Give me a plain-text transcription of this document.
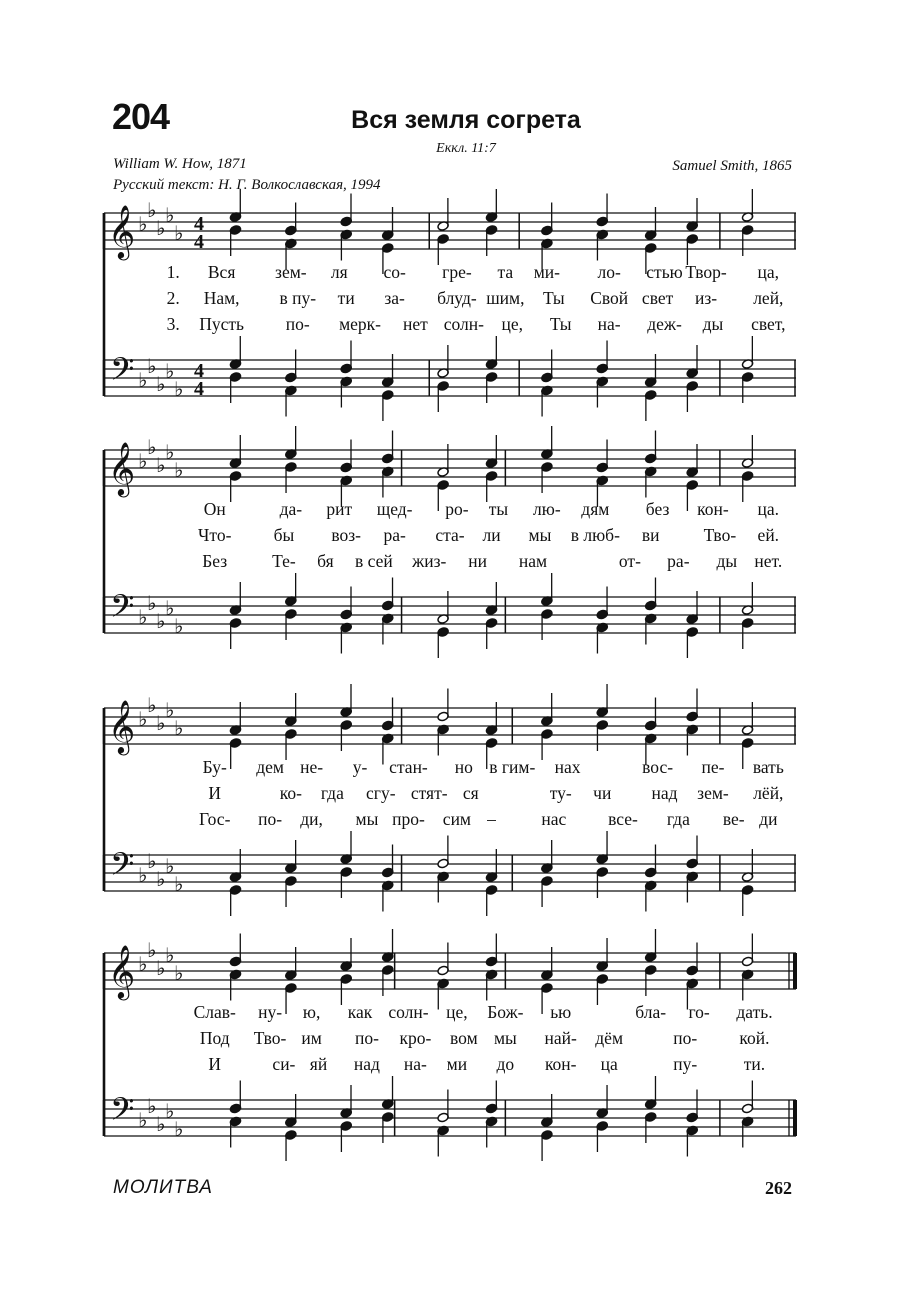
204	Вся земля согрета
Еккл. 11:7
William W. How, 1871
Русский текст: Н. Г. Волкославская, 1994
Samuel Smith, 1865
𝄞 ♭
♭
♭
♭
♭ 4
4
𝄢 ♭
♭
♭
♭
♭
4
4
1. Вся зем- ля со- гре- та ми- ло- стью Твор- ца,
2. Нам, в пу- ти за- блуд- шим, Ты Свой свет из- лей,
3. Пусть по- мерк- нет солн- це, Ты на- деж- ды свет,
𝄞 ♭
♭
♭
♭
♭
𝄢 ♭
♭
♭
♭
♭
Он	да- рит щед- ро- ты лю- дям без кон- ца.
Что- бы воз- ра- ста- ли мы в люб- ви	Тво- ей.
Без	Те- бя в сей жиз- ни нам	от- ра- ды нет.
𝄞 ♭
♭
♭
♭
♭
𝄢 ♭
♭
♭
♭
♭
Бу- дем не- у- стан- но в гим- нах	вос- пе- вать
И	ко- гда сгу- стят- ся	ту- чи над зем- лёй,
Гос- по- ди, мы про- сим –	нас все- гда ве- ди
𝄞 ♭
♭
♭
♭
♭
𝄢 ♭
♭
♭
♭
♭
Слав- ну- ю, как солн- це, Бож- ью	бла- го- дать.
Под Тво- им по- кро- вом мы най- дём	по- кой.
И	си- яй над на- ми до кон- ца	пу-	ти.
МОЛИТВА	262
